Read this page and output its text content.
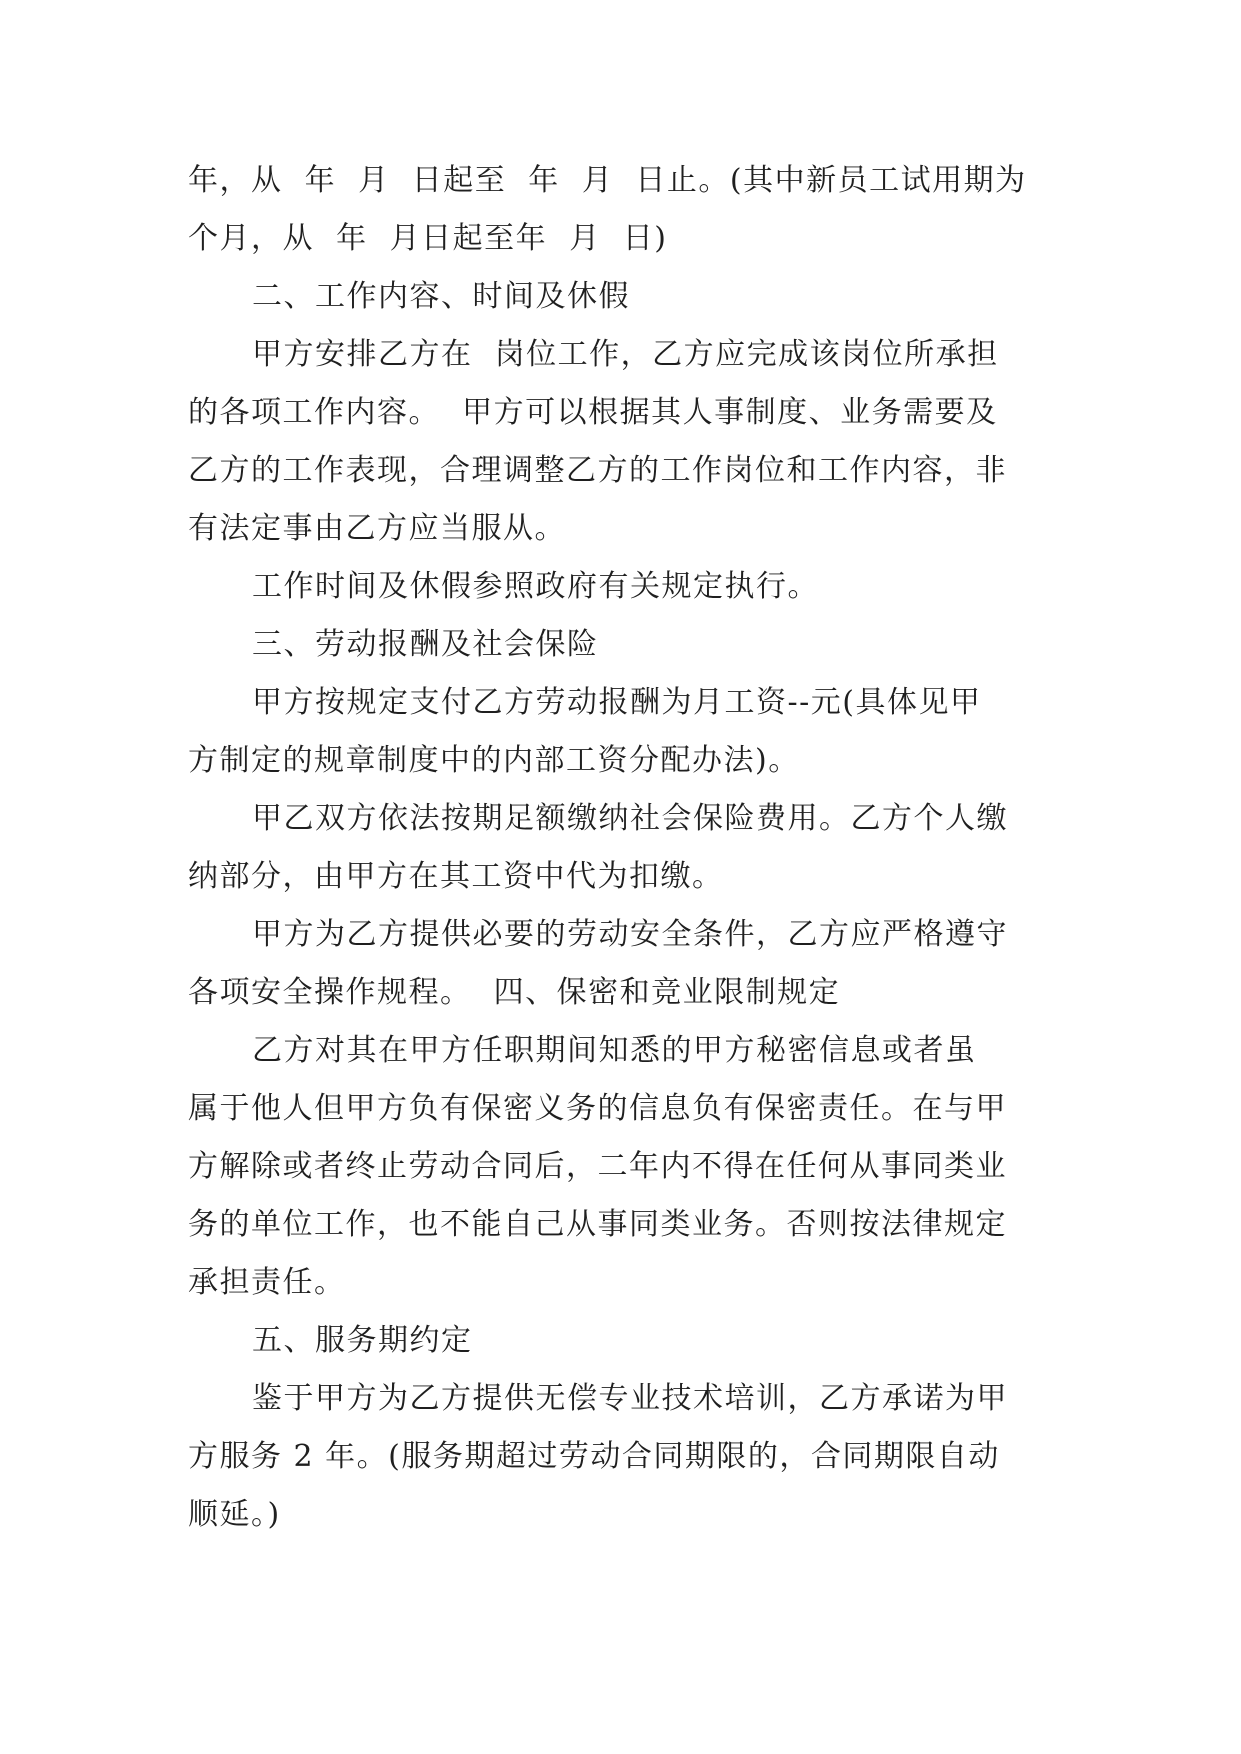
年，从  年  月  日起至  年  月  日止。(其中新员工试用期为
个月，从  年  月日起至年  月  日)

二、工作内容、时间及休假

甲方安排乙方在  岗位工作，乙方应完成该岗位所承担
的各项工作内容。  甲方可以根据其人事制度、业务需要及
乙方的工作表现，合理调整乙方的工作岗位和工作内容，非
有法定事由乙方应当服从。

工作时间及休假参照政府有关规定执行。

三、劳动报酬及社会保险

甲方按规定支付乙方劳动报酬为月工资--元(具体见甲
方制定的规章制度中的内部工资分配办法)。

甲乙双方依法按期足额缴纳社会保险费用。乙方个人缴
纳部分，由甲方在其工资中代为扣缴。

甲方为乙方提供必要的劳动安全条件，乙方应严格遵守
各项安全操作规程。  四、保密和竞业限制规定

乙方对其在甲方任职期间知悉的甲方秘密信息或者虽
属于他人但甲方负有保密义务的信息负有保密责任。在与甲
方解除或者终止劳动合同后，二年内不得在任何从事同类业
务的单位工作，也不能自己从事同类业务。否则按法律规定
承担责任。

五、服务期约定

鉴于甲方为乙方提供无偿专业技术培训，乙方承诺为甲
方服务 2 年。(服务期超过劳动合同期限的，合同期限自动
顺延。)
